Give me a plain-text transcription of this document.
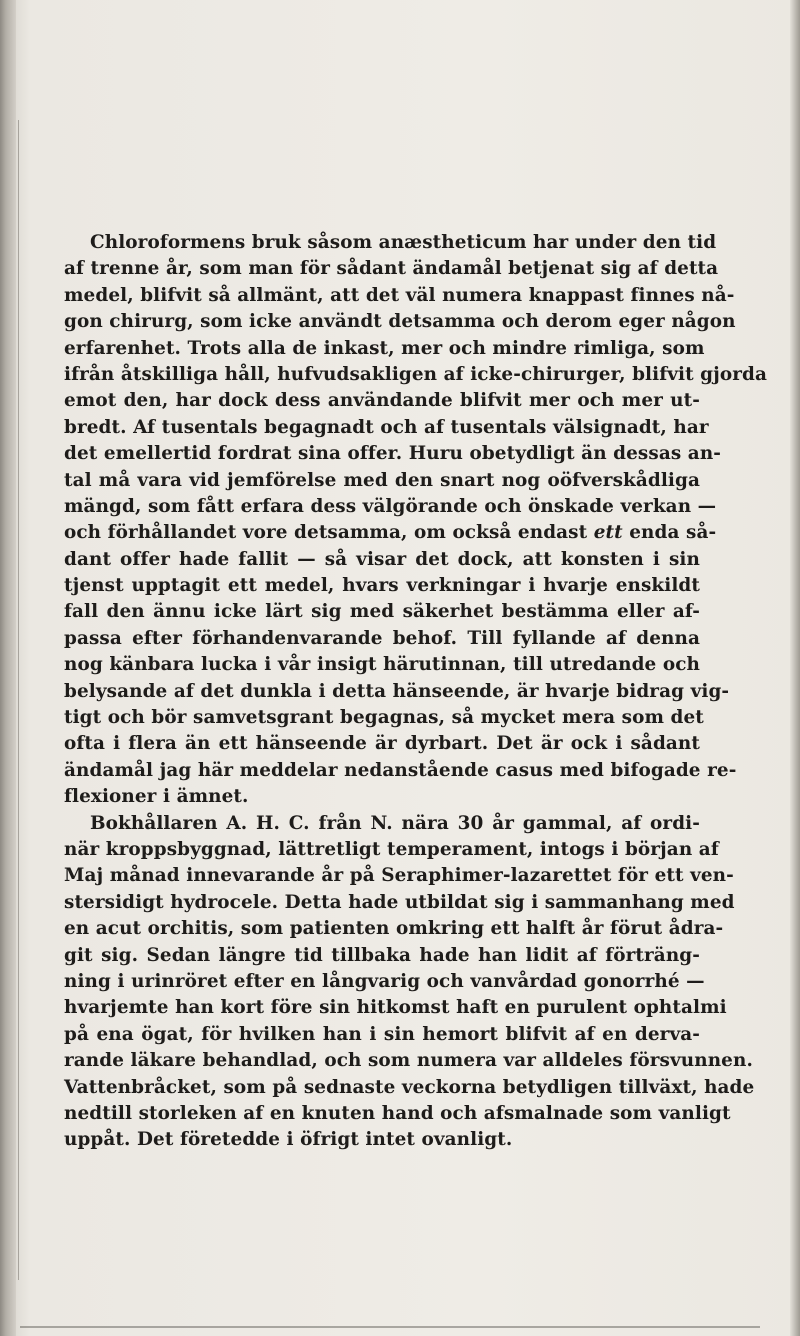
Chloroformens bruk såsom anæstheticum har under den tid
af trenne år, som man för sådant ändamål betjenat sig af detta
medel, blifvit så allmänt, att det väl numera knappast finnes nå-
gon chirurg, som icke användt detsamma och derom eger någon
erfarenhet. Trots alla de inkast, mer och mindre rimliga, som
ifrån åtskilliga håll, hufvudsakligen af icke-chirurger, blifvit gjorda
emot den, har dock dess användande blifvit mer och mer ut-
bredt. Af tusentals begagnadt och af tusentals välsignadt, har
det emellertid fordrat sina offer. Huru obetydligt än dessas an-
tal må vara vid jemförelse med den snart nog oöfverskådliga
mängd, som fått erfara dess välgörande och önskade verkan —
och förhållandet vore detsamma, om också endast ett enda så-
dant offer hade fallit — så visar det dock, att konsten i sin
tjenst upptagit ett medel, hvars verkningar i hvarje enskildt
fall den ännu icke lärt sig med säkerhet bestämma eller af-
passa efter förhandenvarande behof. Till fyllande af denna
nog känbara lucka i vår insigt härutinnan, till utredande och
belysande af det dunkla i detta hänseende, är hvarje bidrag vig-
tigt och bör samvetsgrant begagnas, så mycket mera som det
ofta i flera än ett hänseende är dyrbart. Det är ock i sådant
ändamål jag här meddelar nedanstående casus med bifogade re-
flexioner i ämnet.
Bokhållaren A. H. C. från N. nära 30 år gammal, af ordi-
när kroppsbyggnad, lättretligt temperament, intogs i början af
Maj månad innevarande år på Seraphimer-lazarettet för ett ven-
stersidigt hydrocele. Detta hade utbildat sig i sammanhang med
en acut orchitis, som patienten omkring ett halft år förut ådra-
git sig. Sedan längre tid tillbaka hade han lidit af förträng-
ning i urinröret efter en långvarig och vanvårdad gonorrhé —
hvarjemte han kort före sin hitkomst haft en purulent ophtalmi
på ena ögat, för hvilken han i sin hemort blifvit af en derva-
rande läkare behandlad, och som numera var alldeles försvunnen.
Vattenbråcket, som på sednaste veckorna betydligen tillväxt, hade
nedtill storleken af en knuten hand och afsmalnade som vanligt
uppåt. Det företedde i öfrigt intet ovanligt.
